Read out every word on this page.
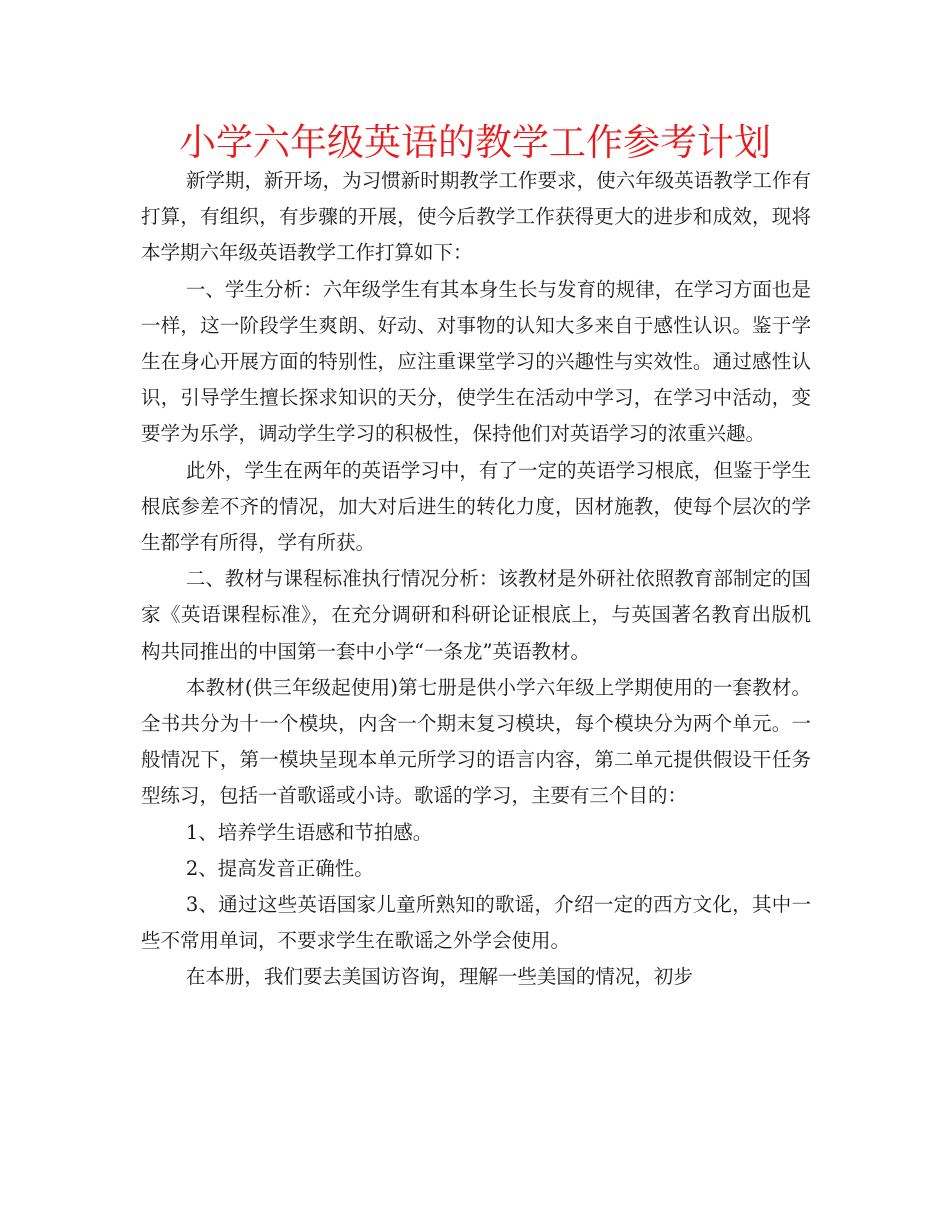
小学六年级英语的教学工作参考计划

新学期，新开场，为习惯新时期教学工作要求，使六年级英语教学工作有打算，有组织，有步骤的开展，使今后教学工作获得更大的进步和成效，现将本学期六年级英语教学工作打算如下：

一、学生分析：六年级学生有其本身生长与发育的规律，在学习方面也是一样，这一阶段学生爽朗、好动、对事物的认知大多来自于感性认识。鉴于学生在身心开展方面的特别性，应注重课堂学习的兴趣性与实效性。通过感性认识，引导学生擅长探求知识的天分，使学生在活动中学习，在学习中活动，变要学为乐学，调动学生学习的积极性，保持他们对英语学习的浓重兴趣。

此外，学生在两年的英语学习中，有了一定的英语学习根底，但鉴于学生根底参差不齐的情况，加大对后进生的转化力度，因材施教，使每个层次的学生都学有所得，学有所获。

二、教材与课程标准执行情况分析：该教材是外研社依照教育部制定的国家《英语课程标准》，在充分调研和科研论证根底上，与英国著名教育出版机构共同推出的中国第一套中小学“一条龙”英语教材。

本教材(供三年级起使用)第七册是供小学六年级上学期使用的一套教材。全书共分为十一个模块，内含一个期末复习模块，每个模块分为两个单元。一般情况下，第一模块呈现本单元所学习的语言内容，第二单元提供假设干任务型练习，包括一首歌谣或小诗。歌谣的学习，主要有三个目的：

1、培养学生语感和节拍感。

2、提高发音正确性。

3、通过这些英语国家儿童所熟知的歌谣，介绍一定的西方文化，其中一些不常用单词，不要求学生在歌谣之外学会使用。

在本册，我们要去美国访咨询，理解一些美国的情况，初步
